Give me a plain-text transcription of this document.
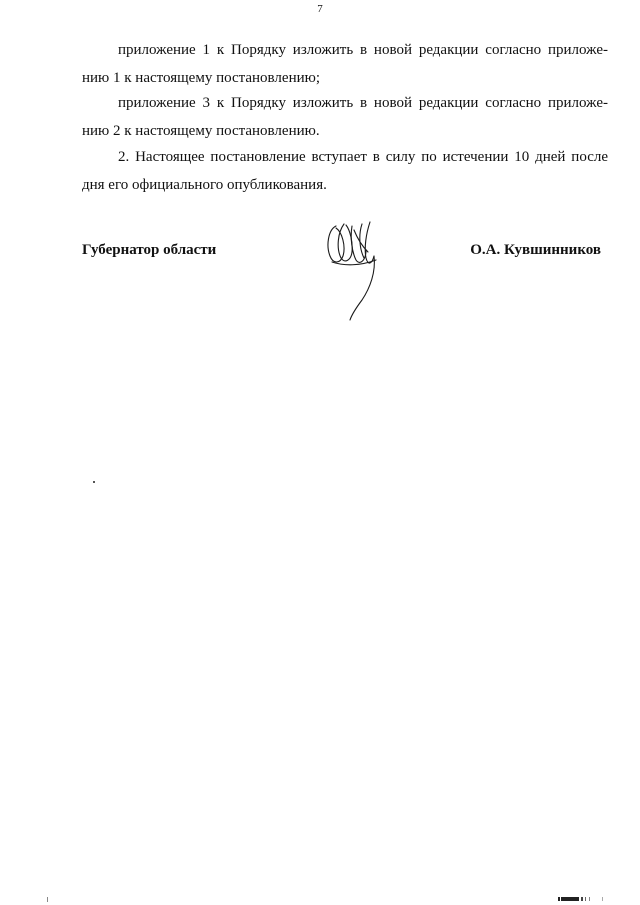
7
приложение 1 к Порядку изложить в новой редакции согласно приложе-
нию 1 к настоящему постановлению;
приложение 3 к Порядку изложить в новой редакции согласно приложе-
нию 2 к настоящему постановлению.
2. Настоящее постановление вступает в силу по истечении 10 дней после
дня его официального опубликования.
Губернатор области	О.А. Кувшинников
